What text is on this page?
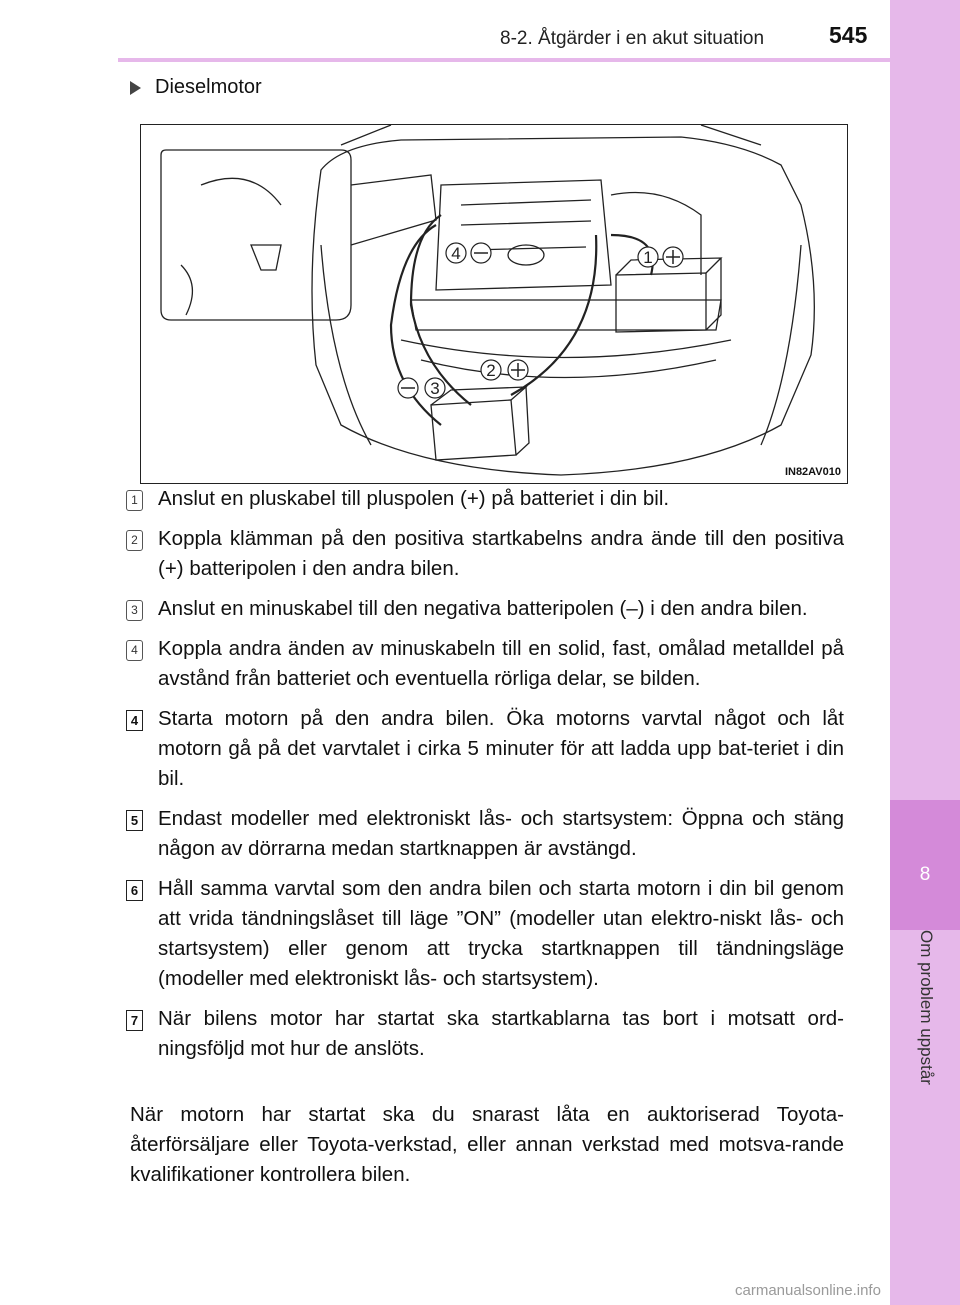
8
Om problem uppstår
8-2. Åtgärder i en akut situation	545
Dieselmotor
4	1
2
3
IN82AV010
1 Anslut en pluskabel till pluspolen (+) på batteriet i din bil.
2 Koppla klämman på den positiva startkabelns andra ände till den positiva (+) batteripolen i den andra bilen.
3 Anslut en minuskabel till den negativa batteripolen (–) i den andra bilen.
4 Koppla andra änden av minuskabeln till en solid, fast, omålad metalldel på avstånd från batteriet och eventuella rörliga delar, se bilden.
4 Starta motorn på den andra bilen. Öka motorns varvtal något och låt motorn gå på det varvtalet i cirka 5 minuter för att ladda upp bat-teriet i din bil.
5 Endast modeller med elektroniskt lås- och startsystem: Öppna och stäng någon av dörrarna medan startknappen är avstängd.
6 Håll samma varvtal som den andra bilen och starta motorn i din bil genom att vrida tändningslåset till läge ”ON” (modeller utan elektro-niskt lås- och startsystem) eller genom att trycka startknappen till tändningsläge (modeller med elektroniskt lås- och startsystem).
7 När bilens motor har startat ska startkablarna tas bort i motsatt ord-ningsföljd mot hur de anslöts.
När motorn har startat ska du snarast låta en auktoriserad Toyota-återförsäljare eller Toyota-verkstad, eller annan verkstad med motsva-rande kvalifikationer kontrollera bilen.
carmanualsonline.info
